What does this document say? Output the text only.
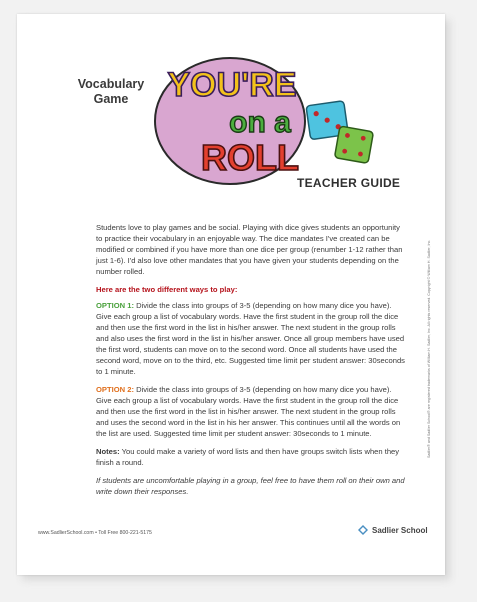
Vocabulary
Game	YOU'RE
on a
ROLL
TEACHER GUIDE

Students love to play games and be social. Playing with dice gives students an opportunity to practice their vocabulary in an enjoyable way. The dice mandates I've created can be modified or combined if you have more than one dice per group (renumber 1-12 rather than just 1-6). I'd also love other mandates that you have given your students depending on the number rolled.

Here are the two different ways to play:

OPTION 1: Divide the class into groups of 3-5 (depending on how many dice you have). Give each group a list of vocabulary words. Have the first student in the group roll the dice and then use the first word in the list in his/her answer. The next student in the group rolls and also uses the first word in the list in his/her answer. Once all group members have used the first word, students can move on to the second word. Once all students have used the second word, move on to the third, etc. Suggested time limit per student answer: 30seconds to 1 minute.

OPTION 2: Divide the class into groups of 3-5 (depending on how many dice you have). Give each group a list of vocabulary words. Have the first student in the group roll the dice and then use the first word in the list in his/her answer. The next student in the group rolls and uses the second word in the list in his her answer. This continues until all the words on the list are used. Suggested time limit per student answer: 30seconds to 1 minute.

Notes: You could make a variety of word lists and then have groups switch lists when they finish a round.

If students are uncomfortable playing in a group, feel free to have them roll on their own and write down their responses.

Sadlier® and Sadlier School® are registered trademarks of William H. Sadlier, Inc. All rights reserved. Copyright © William H. Sadlier, Inc.
www.SadlierSchool.com • Toll Free 800-221-5175	Sadlier School
